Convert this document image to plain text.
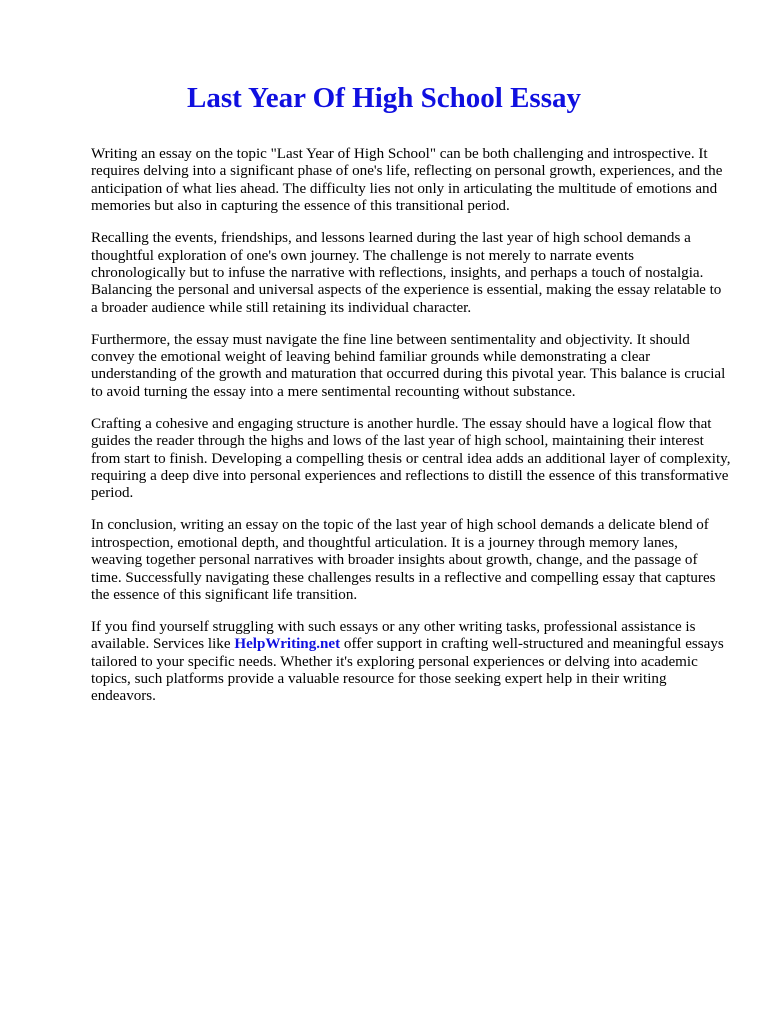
Last Year Of High School Essay

Writing an essay on the topic "Last Year of High School" can be both challenging and introspective. It requires delving into a significant phase of one's life, reflecting on personal growth, experiences, and the anticipation of what lies ahead. The difficulty lies not only in articulating the multitude of emotions and memories but also in capturing the essence of this transitional period.

Recalling the events, friendships, and lessons learned during the last year of high school demands a thoughtful exploration of one's own journey. The challenge is not merely to narrate events chronologically but to infuse the narrative with reflections, insights, and perhaps a touch of nostalgia. Balancing the personal and universal aspects of the experience is essential, making the essay relatable to a broader audience while still retaining its individual character.

Furthermore, the essay must navigate the fine line between sentimentality and objectivity. It should convey the emotional weight of leaving behind familiar grounds while demonstrating a clear understanding of the growth and maturation that occurred during this pivotal year. This balance is crucial to avoid turning the essay into a mere sentimental recounting without substance.

Crafting a cohesive and engaging structure is another hurdle. The essay should have a logical flow that guides the reader through the highs and lows of the last year of high school, maintaining their interest from start to finish. Developing a compelling thesis or central idea adds an additional layer of complexity, requiring a deep dive into personal experiences and reflections to distill the essence of this transformative period.

In conclusion, writing an essay on the topic of the last year of high school demands a delicate blend of introspection, emotional depth, and thoughtful articulation. It is a journey through memory lanes, weaving together personal narratives with broader insights about growth, change, and the passage of time. Successfully navigating these challenges results in a reflective and compelling essay that captures the essence of this significant life transition.

If you find yourself struggling with such essays or any other writing tasks, professional assistance is available. Services like HelpWriting.net offer support in crafting well-structured and meaningful essays tailored to your specific needs. Whether it's exploring personal experiences or delving into academic topics, such platforms provide a valuable resource for those seeking expert help in their writing endeavors.
